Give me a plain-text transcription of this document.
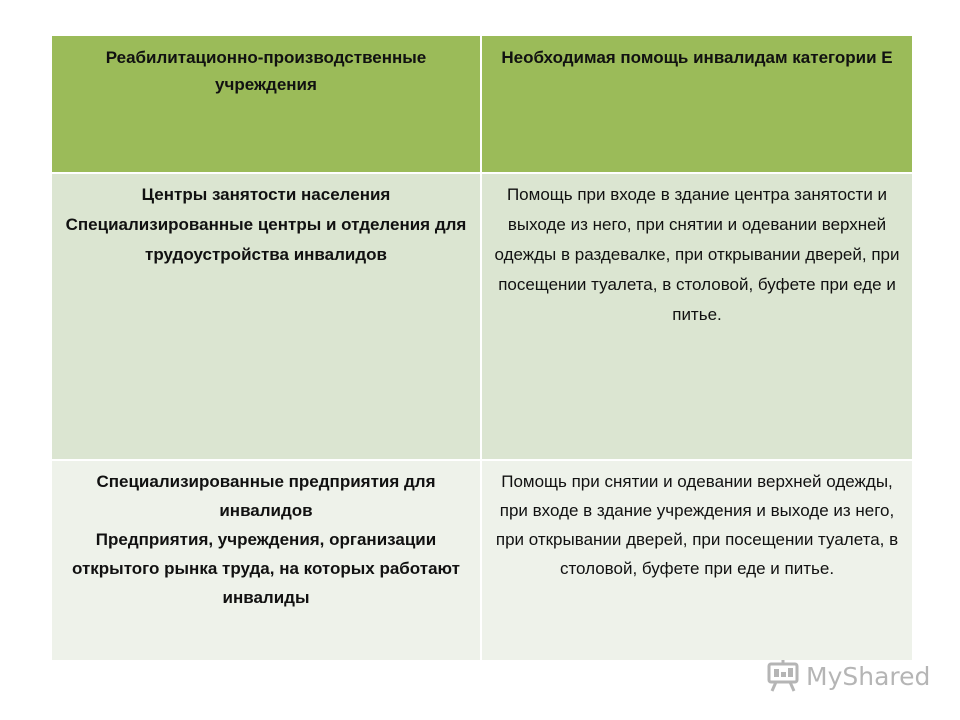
Реабилитационно-производственные учреждения	Необходимая помощь инвалидам категории Е

Центры занятости населения
Специализированные центры и отделения для трудоустройства инвалидов	Помощь при входе в здание центра занятости и выходе из него, при снятии и одевании верхней одежды в раздевалке, при открывании дверей, при посещении туалета, в столовой, буфете при еде и питье.

Специализированные предприятия для инвалидов
Предприятия, учреждения, организации открытого рынка труда, на которых работают инвалиды	Помощь при снятии и одевании верхней одежды, при входе в здание учреждения и выходе из него, при открывании дверей, при посещении туалета, в столовой, буфете при еде и питье.
MyShared
